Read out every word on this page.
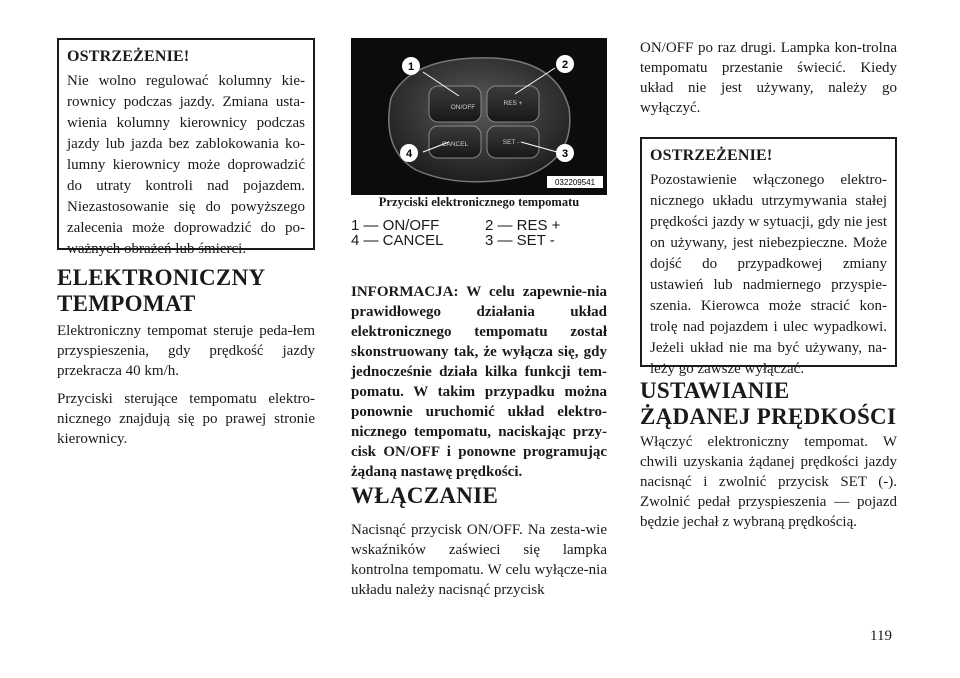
OSTRZEŻENIE!

Nie wolno regulować kolumny kie-rownicy podczas jazdy. Zmiana usta-wienia kolumny kierownicy podczas jazdy lub jazda bez zablokowania ko-lumny kierownicy może doprowadzić do utraty kontroli nad pojazdem. Niezastosowanie się do powyższego zalecenia może doprowadzić do po-ważnych obrażeń lub śmierci.

ELEKTRONICZNY TEMPOMAT

Elektroniczny tempomat steruje peda-łem przyspieszenia, gdy prędkość jazdy przekracza 40 km/h.

Przyciski sterujące tempomatu elektro-nicznego znajdują się po prawej stronie kierownicy.

ON/OFF
RES +
CANCEL	SET -
1	2
3
4
032209541
Przyciski elektronicznego tempomatu
1 — ON/OFF	2 — RES +
4 — CANCEL	3 — SET -

INFORMACJA: W celu zapewnie-nia prawidłowego działania układ elektronicznego tempomatu został skonstruowany tak, że wyłącza się, gdy jednocześnie działa kilka funkcji tem-pomatu. W takim przypadku można ponownie uruchomić układ elektro-nicznego tempomatu, naciskając przy-cisk ON/OFF i ponowne programując żądaną nastawę prędkości.

WŁĄCZANIE

Nacisnąć przycisk ON/OFF. Na zesta-wie wskaźników zaświeci się lampka kontrolna tempomatu. W celu wyłącze-nia układu należy nacisnąć przycisk

ON/OFF po raz drugi. Lampka kon-trolna tempomatu przestanie świecić. Kiedy układ nie jest używany, należy go wyłączyć.

OSTRZEŻENIE!

Pozostawienie włączonego elektro-nicznego układu utrzymywania stałej prędkości jazdy w sytuacji, gdy nie jest on używany, jest niebezpieczne. Może dojść do przypadkowej zmiany ustawień lub nadmiernego przyspie-szenia. Kierowca może stracić kon-trolę nad pojazdem i ulec wypadkowi. Jeżeli układ nie ma być używany, na-leży go zawsze wyłączać.

USTAWIANIE ŻĄDANEJ PRĘDKOŚCI

Włączyć elektroniczny tempomat. W chwili uzyskania żądanej prędkości jazdy nacisnąć i zwolnić przycisk SET (-). Zwolnić pedał przyspieszenia — pojazd będzie jechał z wybraną prędkością.

119
